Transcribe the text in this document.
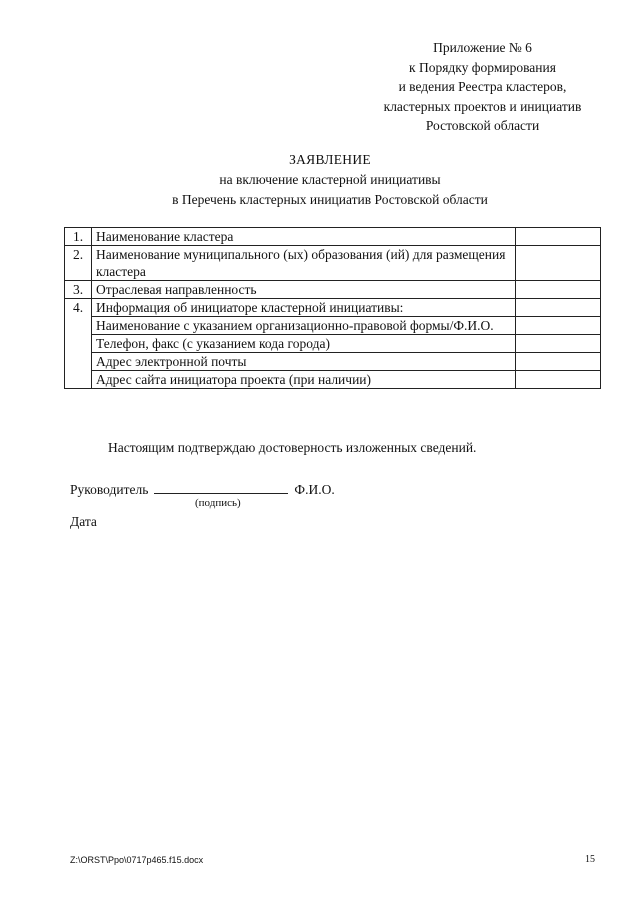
Приложение № 6
к Порядку формирования
и ведения Реестра кластеров,
кластерных проектов и инициатив
Ростовской области
ЗАЯВЛЕНИЕ
на включение кластерной инициативы
в Перечень кластерных инициатив Ростовской области
1.	Наименование кластера	
2.	Наименование муниципального (ых) образования (ий) для размещения кластера	
3.	Отраслевая направленность	
4.	Информация об инициаторе кластерной инициативы:	
	Наименование с указанием организационно-правовой формы/Ф.И.О.	
	Телефон, факс (с указанием кода города)	
	Адрес электронной почты	
	Адрес сайта инициатора проекта (при наличии)	
Настоящим подтверждаю достоверность изложенных сведений.
Руководитель	Ф.И.О.
(подпись)
Дата
Z:\ORST\Ppo\0717p465.f15.docx	15
